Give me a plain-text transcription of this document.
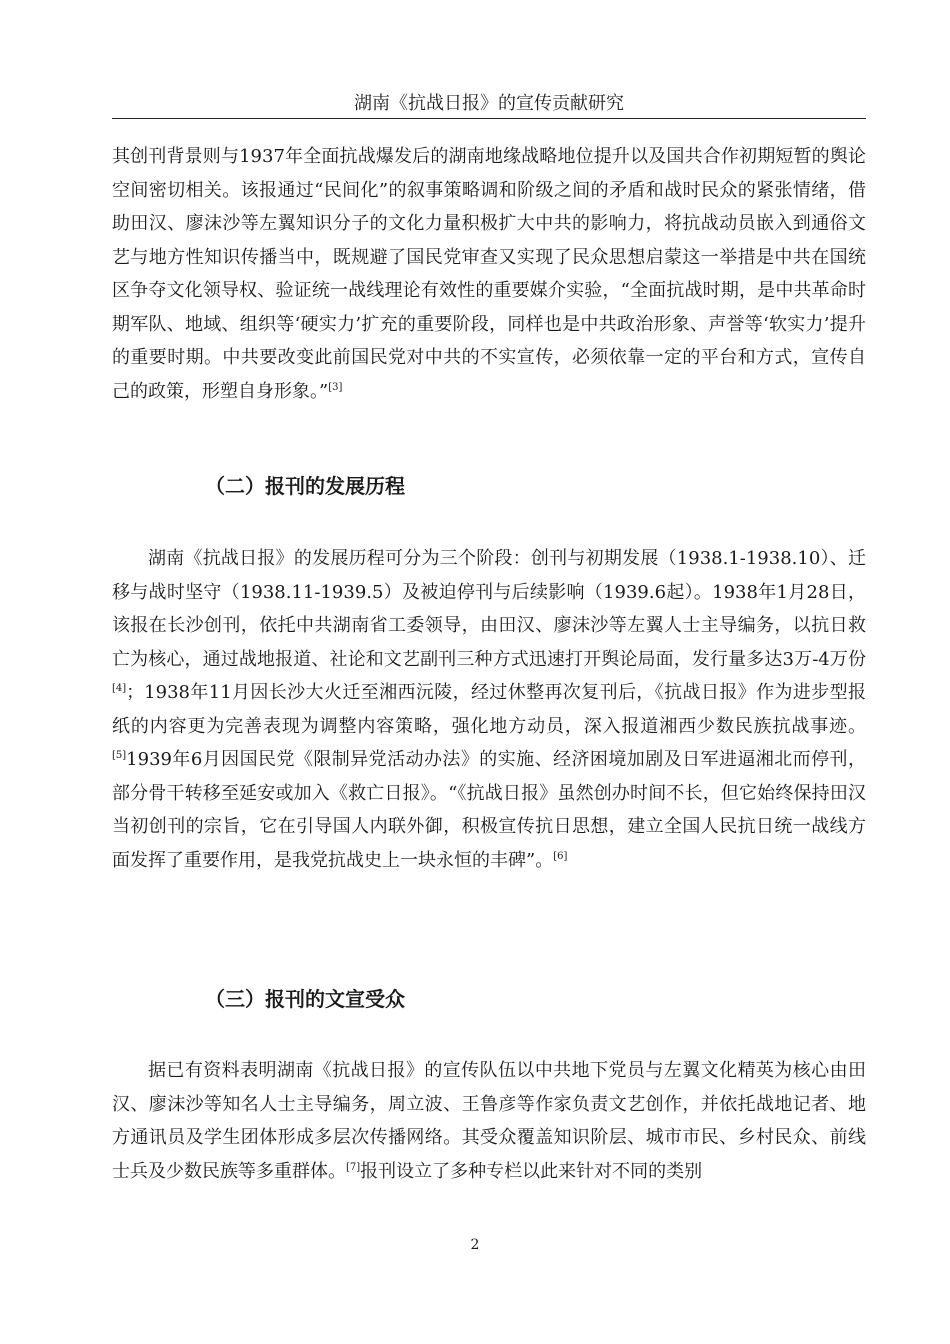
湖南《抗战日报》的宣传贡献研究

其创刊背景则与1937年全面抗战爆发后的湖南地缘战略地位提升以及国共合作初期短暂的舆论空间密切相关。该报通过“民间化”的叙事策略调和阶级之间的矛盾和战时民众的紧张情绪，借助田汉、廖沫沙等左翼知识分子的文化力量积极扩大中共的影响力，将抗战动员嵌入到通俗文艺与地方性知识传播当中，既规避了国民党审查又实现了民众思想启蒙这一举措是中共在国统区争夺文化领导权、验证统一战线理论有效性的重要媒介实验，“全面抗战时期，是中共革命时期军队、地域、组织等‘硬实力’扩充的重要阶段，同样也是中共政治形象、声誉等‘软实力’提升的重要时期。中共要改变此前国民党对中共的不实宣传，必须依靠一定的平台和方式，宣传自己的政策，形塑自身形象。”[3]

（二）报刊的发展历程

湖南《抗战日报》的发展历程可分为三个阶段：创刊与初期发展（1938.1-1938.10）、迁移与战时坚守（1938.11-1939.5）及被迫停刊与后续影响（1939.6起）。1938年1月28日，该报在长沙创刊，依托中共湖南省工委领导，由田汉、廖沫沙等左翼人士主导编务，以抗日救亡为核心，通过战地报道、社论和文艺副刊三种方式迅速打开舆论局面，发行量多达3万-4万份[4]；1938年11月因长沙大火迁至湘西沅陵，经过休整再次复刊后，《抗战日报》作为进步型报纸的内容更为完善表现为调整内容策略，强化地方动员，深入报道湘西少数民族抗战事迹。[5]1939年6月因国民党《限制异党活动办法》的实施、经济困境加剧及日军进逼湘北而停刊，部分骨干转移至延安或加入《救亡日报》。“《抗战日报》虽然创办时间不长，但它始终保持田汉当初创刊的宗旨，它在引导国人内联外御，积极宣传抗日思想，建立全国人民抗日统一战线方面发挥了重要作用，是我党抗战史上一块永恒的丰碑”。[6]

（三）报刊的文宣受众

据已有资料表明湖南《抗战日报》的宣传队伍以中共地下党员与左翼文化精英为核心由田汉、廖沫沙等知名人士主导编务，周立波、王鲁彦等作家负责文艺创作，并依托战地记者、地方通讯员及学生团体形成多层次传播网络。其受众覆盖知识阶层、城市市民、乡村民众、前线士兵及少数民族等多重群体。[7]报刊设立了多种专栏以此来针对不同的类别

2
